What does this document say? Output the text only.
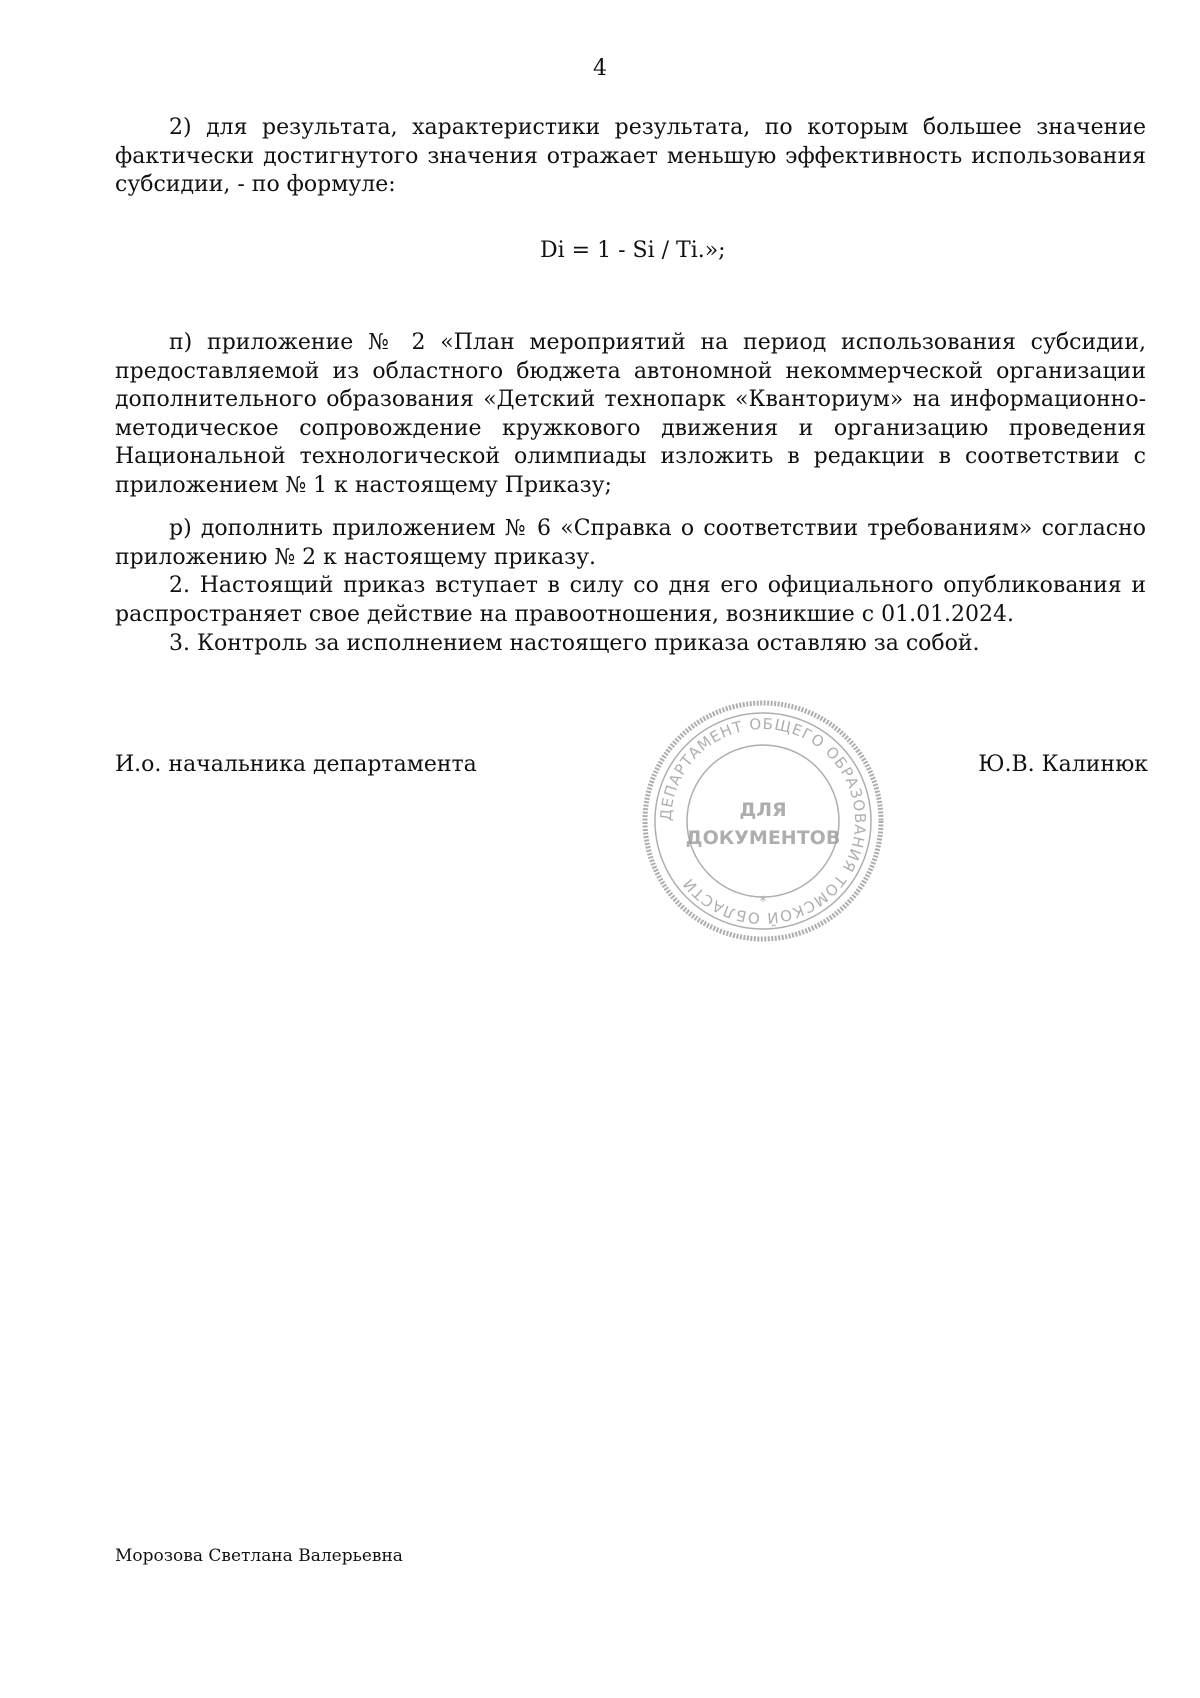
4

2) для результата, характеристики результата, по которым большее значение фактически достигнутого значения отражает меньшую эффективность использования субсидии, - по формуле:

Di = 1 - Si / Ti.»;

п) приложение № 2 «План мероприятий на период использования субсидии, предоставляемой из областного бюджета автономной некоммерческой организации дополнительного образования «Детский технопарк «Кванториум» на информационно-методическое сопровождение кружкового движения и организацию проведения Национальной технологической олимпиады изложить в редакции в соответствии с приложением № 1 к настоящему Приказу;

р) дополнить приложением № 6 «Справка о соответствии требованиям» согласно приложению № 2 к настоящему приказу.

2. Настоящий приказ вступает в силу со дня его официального опубликования и распространяет свое действие на правоотношения, возникшие с 01.01.2024.

3. Контроль за исполнением настоящего приказа оставляю за собой.

И.о. начальника департамента
ДЕПАРТАМЕНТ ОБЩЕГО ОБРАЗОВАНИЯ ТОМСКОЙ ОБЛАСТИ
ДЛЯ
ДОКУМЕНТОВ
*
Ю.В. Калинюк
Морозова Светлана Валерьевна
